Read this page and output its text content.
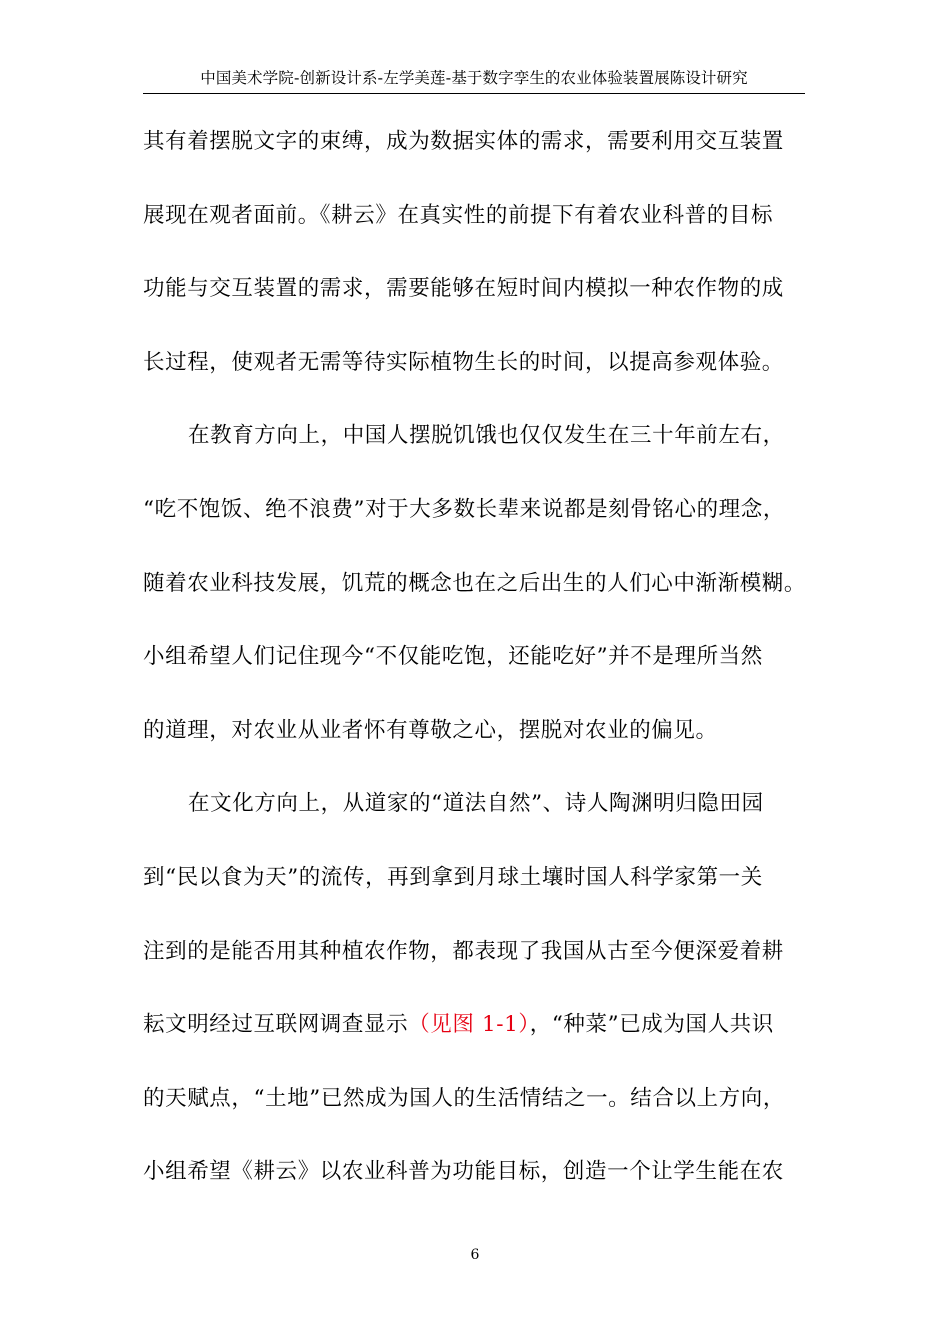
中国美术学院-创新设计系-左学美莲-基于数字孪生的农业体验装置展陈设计研究
其有着摆脱文字的束缚，成为数据实体的需求，需要利用交互装置
展现在观者面前。《耕云》在真实性的前提下有着农业科普的目标
功能与交互装置的需求，需要能够在短时间内模拟一种农作物的成
长过程，使观者无需等待实际植物生长的时间，以提高参观体验。
在教育方向上，中国人摆脱饥饿也仅仅发生在三十年前左右，
“吃不饱饭、绝不浪费”对于大多数长辈来说都是刻骨铭心的理念，
随着农业科技发展，饥荒的概念也在之后出生的人们心中渐渐模糊。
小组希望人们记住现今“不仅能吃饱，还能吃好”并不是理所当然
的道理，对农业从业者怀有尊敬之心，摆脱对农业的偏见。
在文化方向上，从道家的“道法自然”、诗人陶渊明归隐田园
到“民以食为天”的流传，再到拿到月球土壤时国人科学家第一关
注到的是能否用其种植农作物，都表现了我国从古至今便深爱着耕
耘文明经过互联网调查显示（见图 1-1），“种菜”已成为国人共识
的天赋点，“土地”已然成为国人的生活情结之一。结合以上方向，
小组希望《耕云》以农业科普为功能目标，创造一个让学生能在农
6
